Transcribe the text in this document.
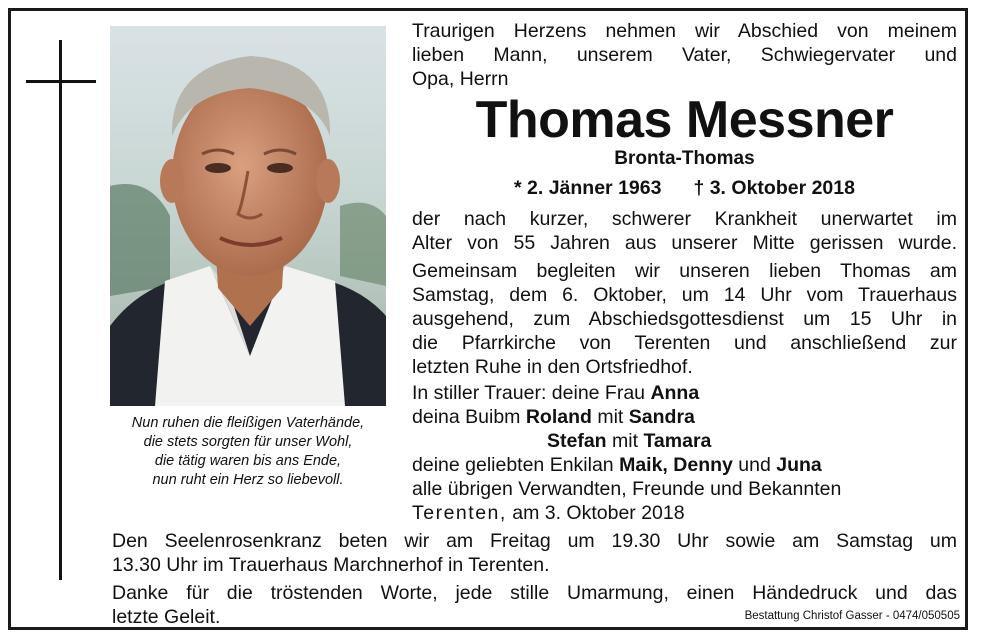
Nun ruhen die fleißigen Vaterhände,
die stets sorgten für unser Wohl,
die tätig waren bis ans Ende,
nun ruht ein Herz so liebevoll.
Traurigen Herzens nehmen wir Abschied von meinem
lieben Mann, unserem Vater, Schwiegervater und
Opa, Herrn
Thomas Messner
Bronta-Thomas
* 2. Jänner 1963 † 3. Oktober 2018
der nach kurzer, schwerer Krankheit unerwartet im
Alter von 55 Jahren aus unserer Mitte gerissen wurde.
Gemeinsam begleiten wir unseren lieben Thomas am
Samstag, dem 6. Oktober, um 14 Uhr vom Trauerhaus
ausgehend, zum Abschiedsgottesdienst um 15 Uhr in
die Pfarrkirche von Terenten und anschließend zur
letzten Ruhe in den Ortsfriedhof.
In stiller Trauer: deine Frau Anna
deina Buibm Roland mit Sandra
Stefan mit Tamara
deine geliebten Enkilan Maik, Denny und Juna
alle übrigen Verwandten, Freunde und Bekannten
Terenten, am 3. Oktober 2018
Den Seelenrosenkranz beten wir am Freitag um 19.30 Uhr sowie am Samstag um
13.30 Uhr im Trauerhaus Marchnerhof in Terenten.
Danke für die tröstenden Worte, jede stille Umarmung, einen Händedruck und das
letzte Geleit.	Bestattung Christof Gasser - 0474/050505
